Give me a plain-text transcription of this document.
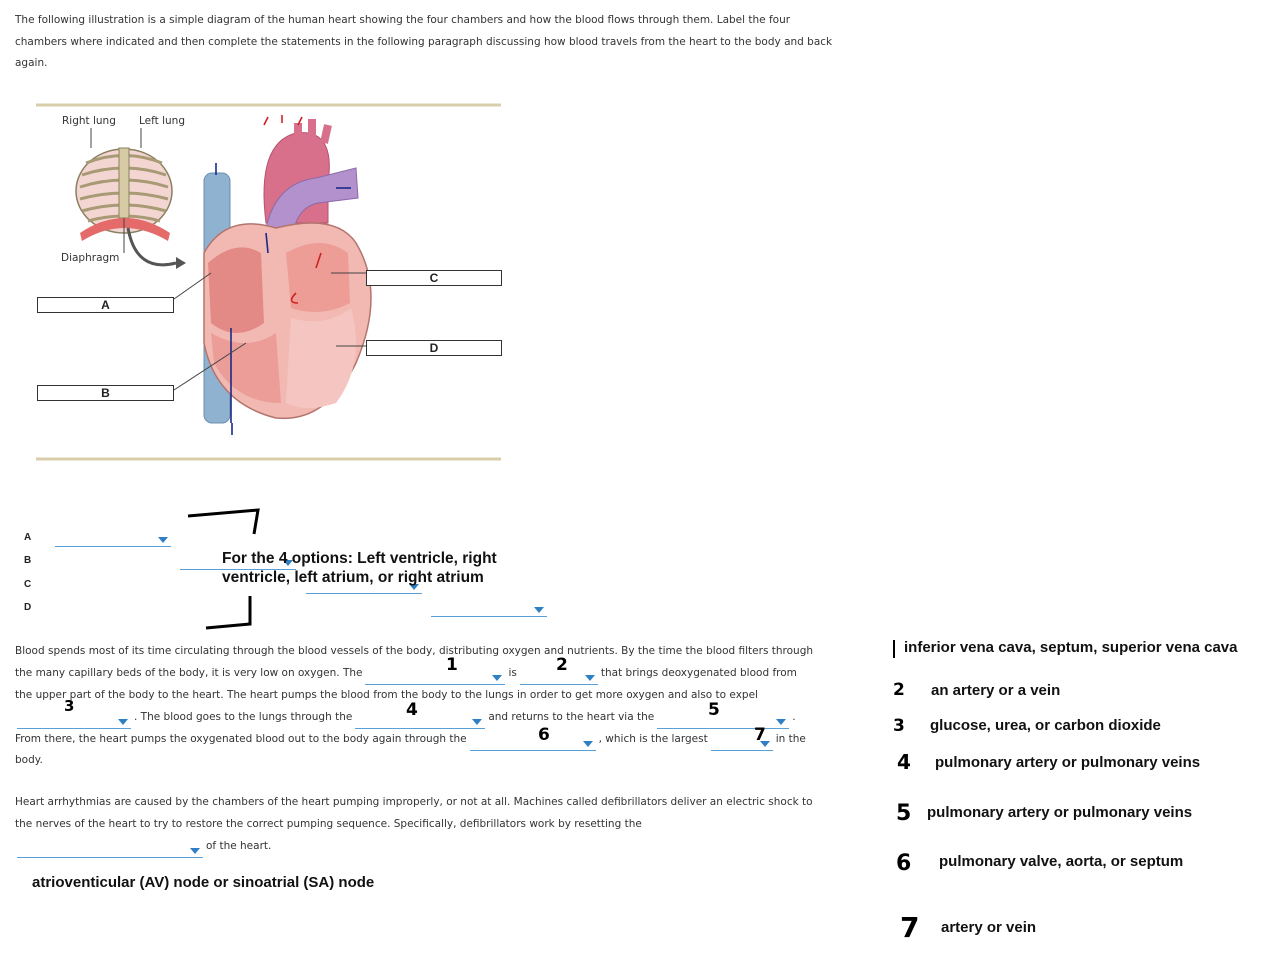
The following illustration is a simple diagram of the human heart showing the four chambers and how the blood flows through them. Label the four chambers where indicated and then complete the statements in the following paragraph discussing how blood travels from the heart to the body and back again.
Right lung Left lung
Diaphragm
A
B
C
D
A

B

C

D
For the 4 options: Left ventricle, right ventricle, left atrium, or right atrium
Blood spends most of its time circulating through the blood vessels of the body, distributing oxygen and nutrients. By the time the blood filters through
the many capillary beds of the body, it is very low on oxygen. The	is	that brings deoxygenated blood from
the upper part of the body to the heart. The heart pumps the blood from the body to the lungs in order to get more oxygen and also to expel
. The blood goes to the lungs through the	and returns to the heart via the	.
From there, the heart pumps the oxygenated blood out to the body again through the	, which is the largest	in the
body.
1	2
3	4	5
6	7
Heart arrhythmias are caused by the chambers of the heart pumping improperly, or not at all. Machines called defibrillators deliver an electric shock to
the nerves of the heart to try to restore the correct pumping sequence. Specifically, defibrillators work by resetting the
of the heart.
atrioventicular (AV) node or sinoatrial (SA) node
inferior vena cava, septum, superior vena cava
2 an artery or a vein
3 glucose, urea, or carbon dioxide
4 pulmonary artery or pulmonary veins
5 pulmonary artery or pulmonary veins
6 pulmonary valve, aorta, or septum
7 artery or vein
